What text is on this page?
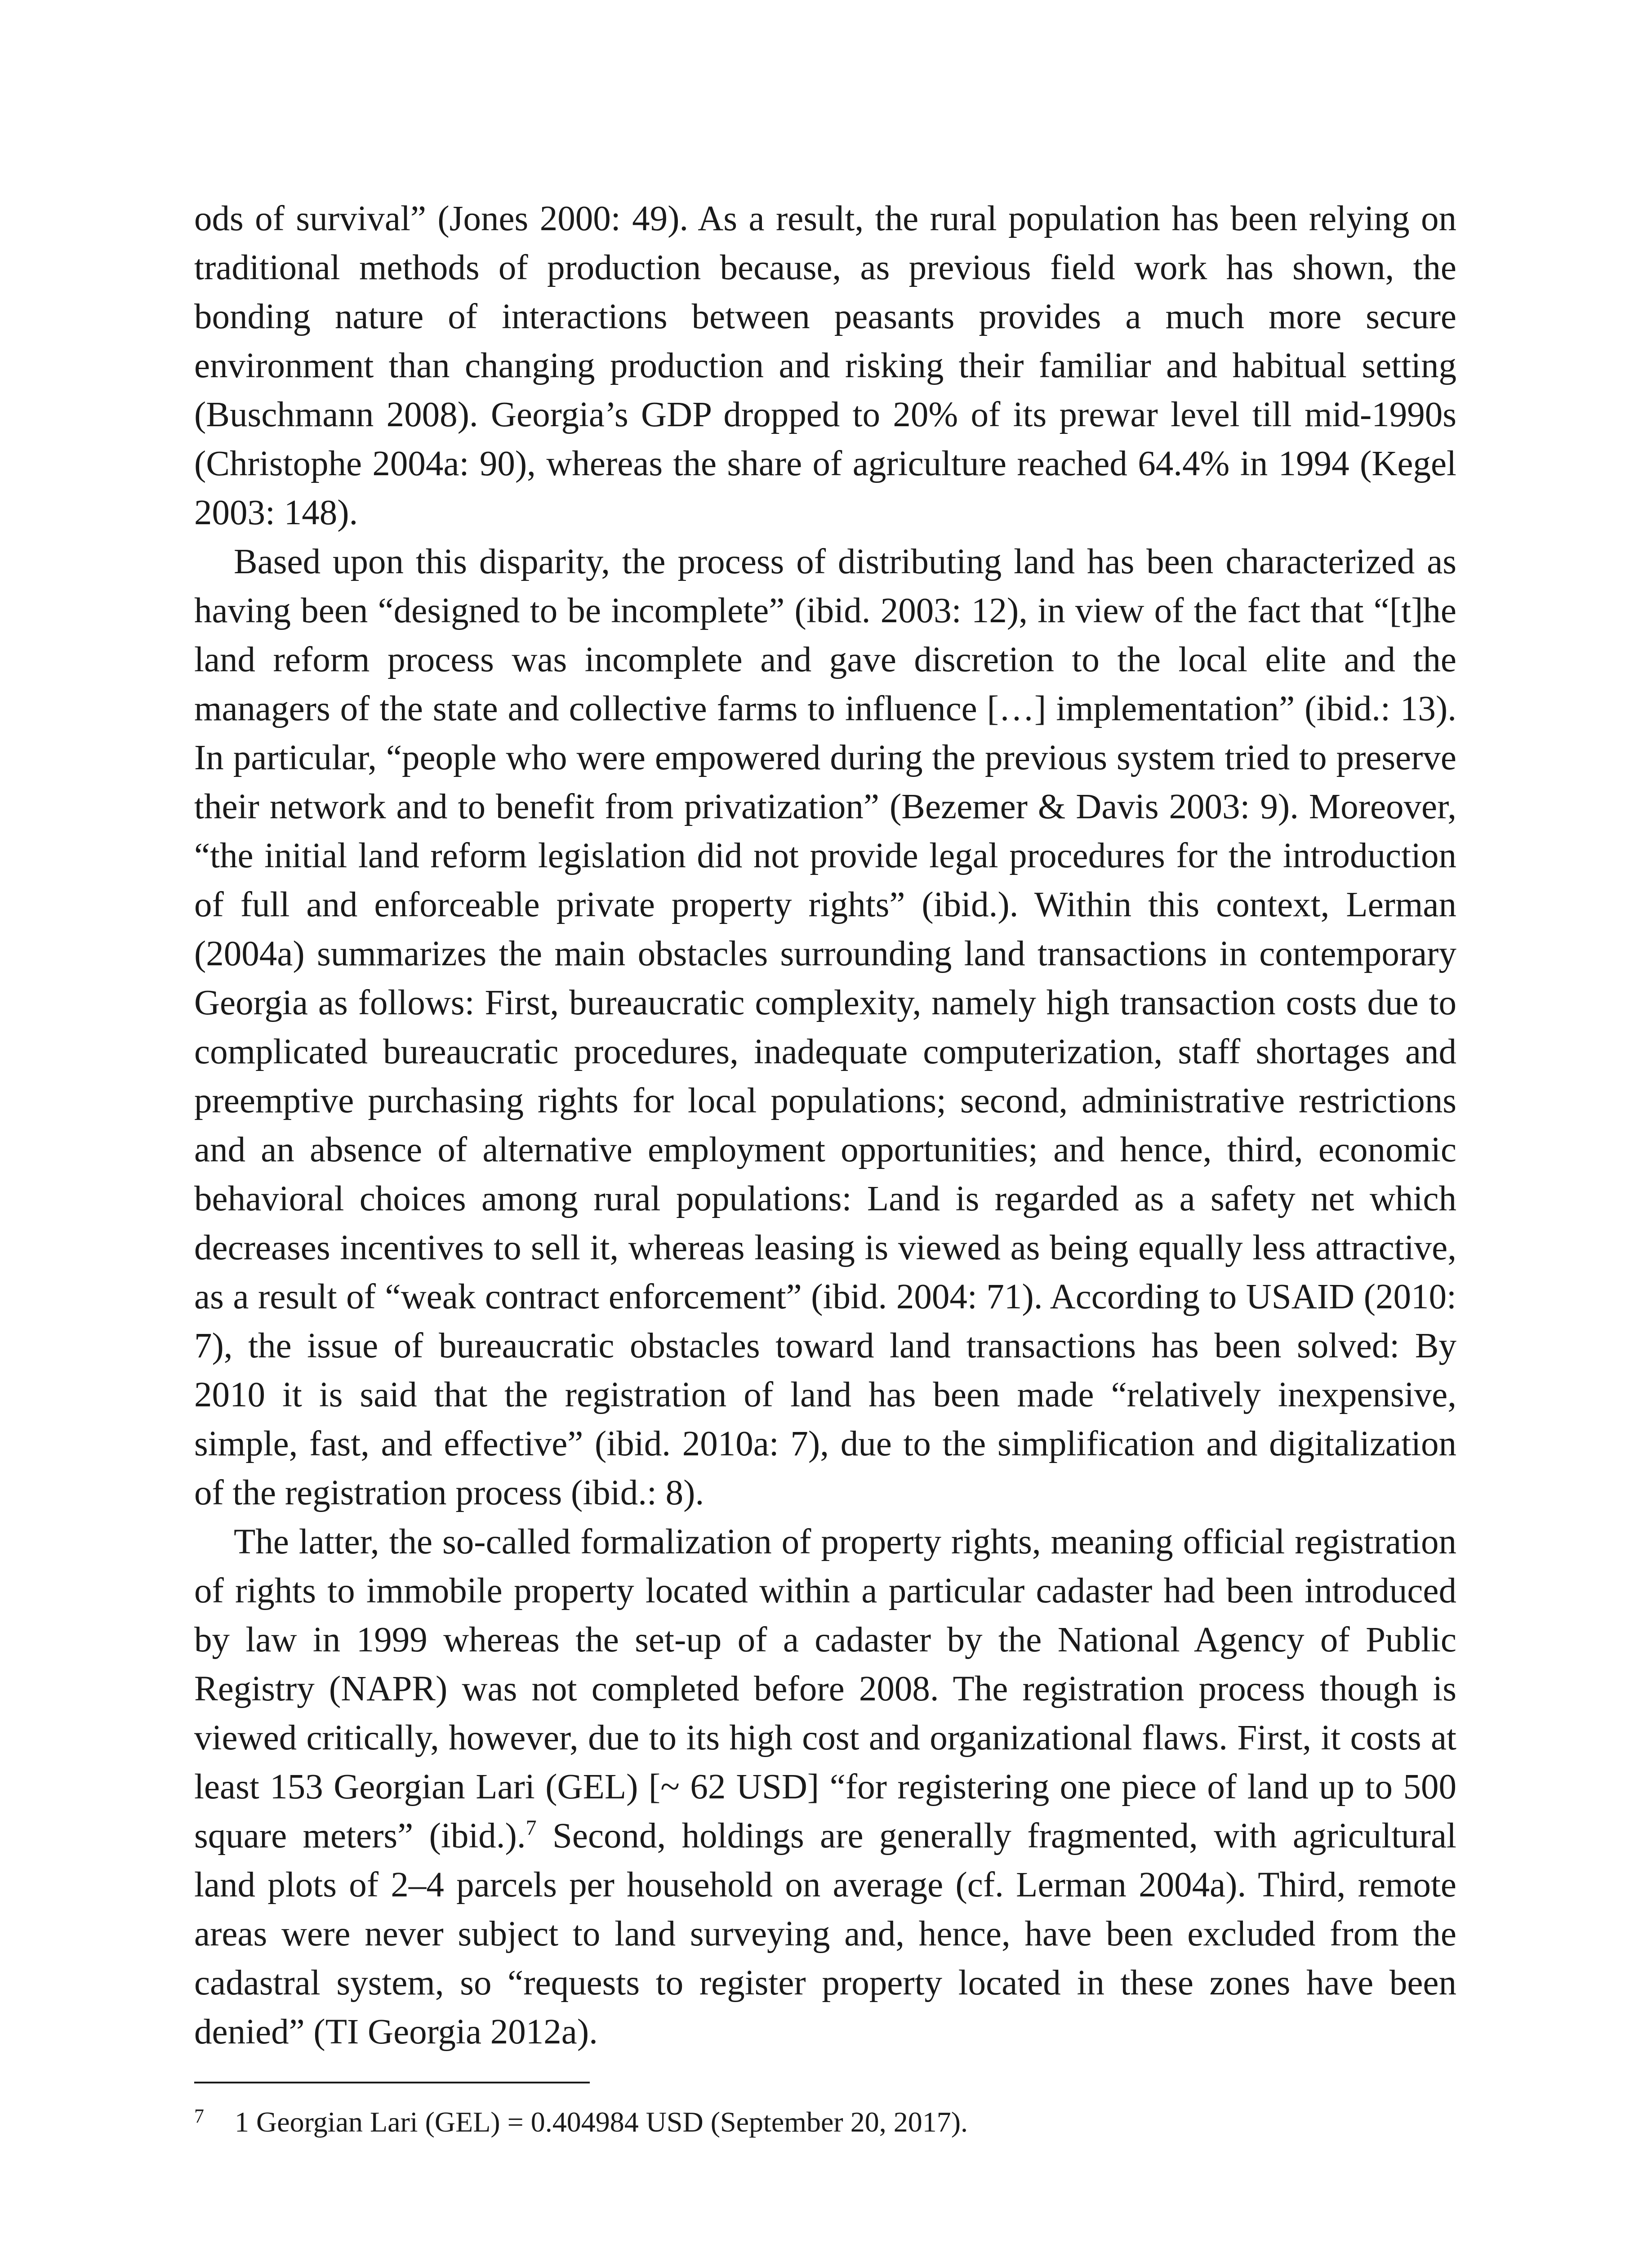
ods of survival” (Jones 2000: 49). As a result, the rural population has been relying on traditional methods of production because, as previous field work has shown, the bonding nature of interactions between peasants provides a much more secure environment than changing production and risking their familiar and habitual setting (Buschmann 2008). Georgia’s GDP dropped to 20% of its prewar level till mid-1990s (Christophe 2004a: 90), whereas the share of agriculture reached 64.4% in 1994 (Kegel 2003: 148).

Based upon this disparity, the process of distributing land has been characterized as having been “designed to be incomplete” (ibid. 2003: 12), in view of the fact that “[t]he land reform process was incomplete and gave discretion to the local elite and the managers of the state and collective farms to influence […] implementation” (ibid.: 13). In particular, “people who were empowered during the previous system tried to preserve their network and to benefit from privatization” (Bezemer & Davis 2003: 9). Moreover, “the initial land reform legislation did not provide legal procedures for the introduction of full and enforceable private property rights” (ibid.). Within this context, Lerman (2004a) summarizes the main obstacles surrounding land transactions in contemporary Georgia as follows: First, bureaucratic complexity, namely high transaction costs due to complicated bureaucratic procedures, inadequate computerization, staff shortages and preemptive purchasing rights for local populations; second, administrative restrictions and an absence of alternative employment opportunities; and hence, third, economic behavioral choices among rural populations: Land is regarded as a safety net which decreases incentives to sell it, whereas leasing is viewed as being equally less attractive, as a result of “weak contract enforcement” (ibid. 2004: 71). According to USAID (2010: 7), the issue of bureaucratic obstacles toward land transactions has been solved: By 2010 it is said that the registration of land has been made “relatively inexpensive, simple, fast, and effective” (ibid. 2010a: 7), due to the simplification and digitalization of the registration process (ibid.: 8).

The latter, the so-called formalization of property rights, meaning official registration of rights to immobile property located within a particular cadaster had been introduced by law in 1999 whereas the set-up of a cadaster by the National Agency of Public Registry (NAPR) was not completed before 2008. The registration process though is viewed critically, however, due to its high cost and organizational flaws. First, it costs at least 153 Georgian Lari (GEL) [~ 62 USD] “for registering one piece of land up to 500 square meters” (ibid.).$^7$ Second, holdings are generally fragmented, with agricultural land plots of 2–4 parcels per household on average (cf. Lerman 2004a). Third, remote areas were never subject to land surveying and, hence, have been excluded from the cadastral system, so “requests to register property located in these zones have been denied” (TI Georgia 2012a).

7 1 Georgian Lari (GEL) = 0.404984 USD (September 20, 2017).
